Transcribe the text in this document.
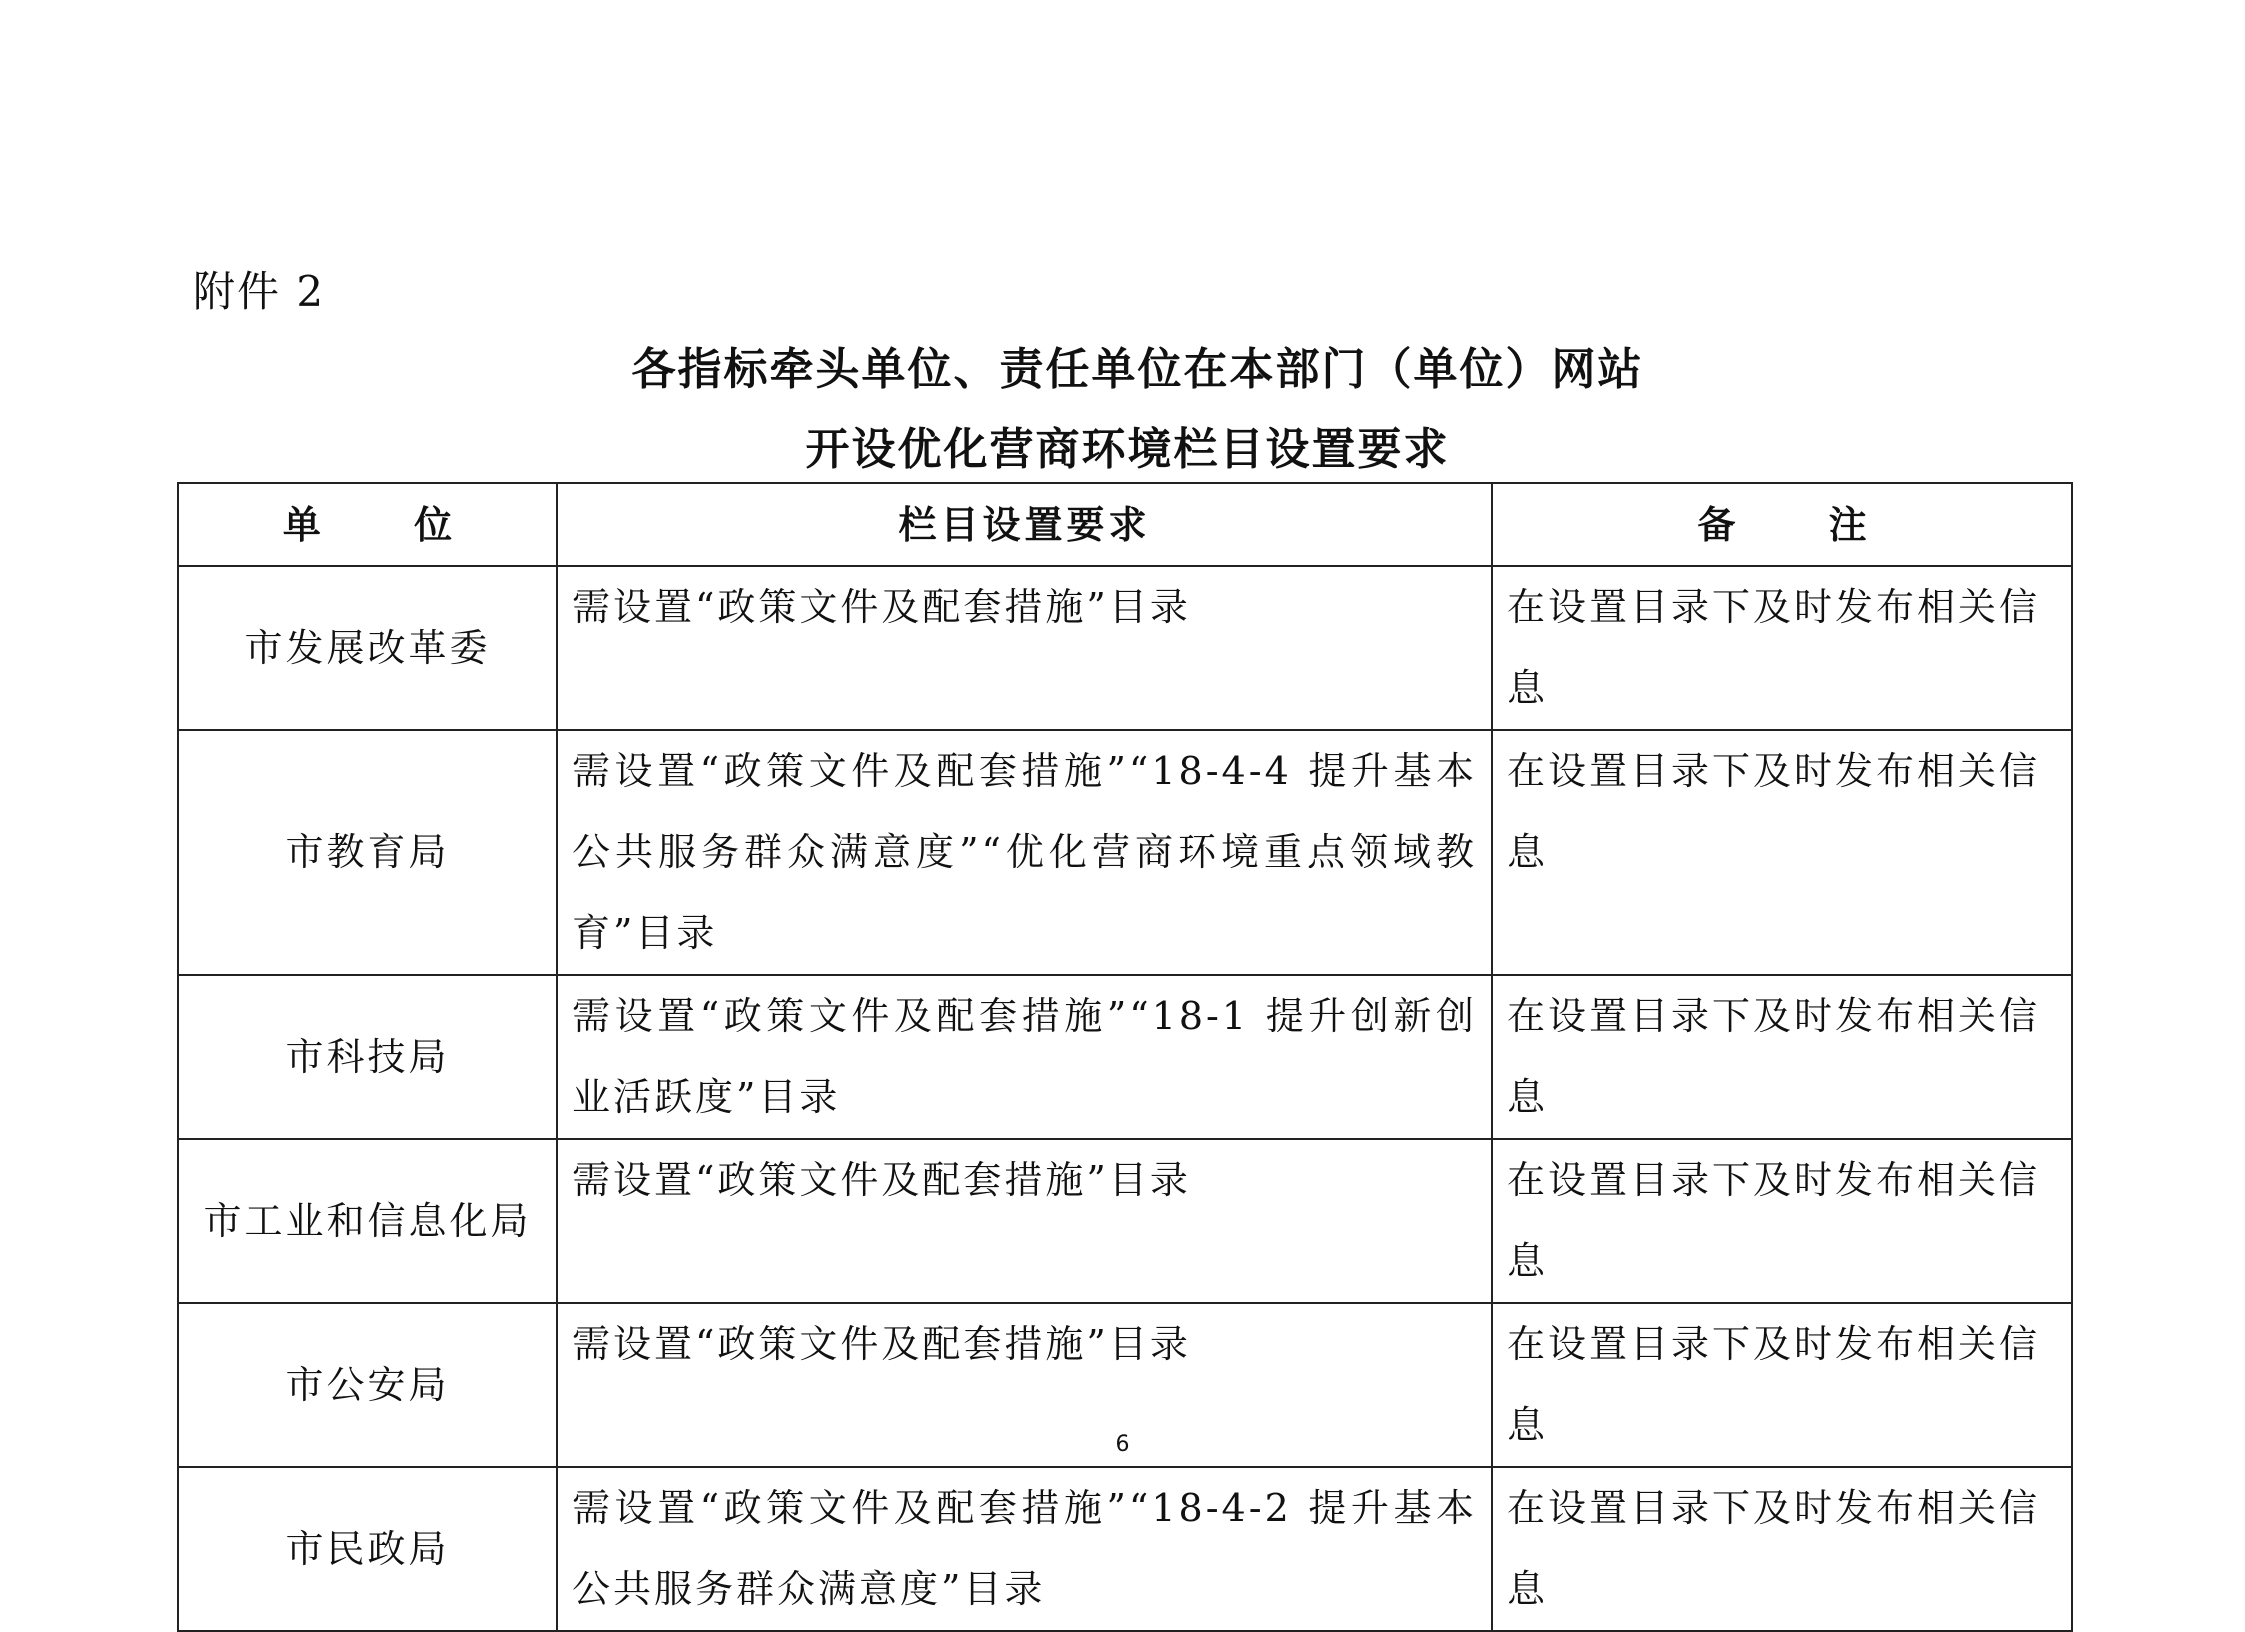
附件 2
各指标牵头单位、责任单位在本部门（单位）网站
开设优化营商环境栏目设置要求
单 位	栏目设置要求	备 注
市发展改革委	需设置“政策文件及配套措施”目录	在设置目录下及时发布相关信息
市教育局	需设置“政策文件及配套措施”“18-4-4 提升基本公共服务群众满意度”“优化营商环境重点领域教育”目录	在设置目录下及时发布相关信息
市科技局	需设置“政策文件及配套措施”“18-1 提升创新创业活跃度”目录	在设置目录下及时发布相关信息
市工业和信息化局	需设置“政策文件及配套措施”目录	在设置目录下及时发布相关信息
市公安局	需设置“政策文件及配套措施”目录	在设置目录下及时发布相关信息
市民政局	需设置“政策文件及配套措施”“18-4-2 提升基本公共服务群众满意度”目录	在设置目录下及时发布相关信息
6
